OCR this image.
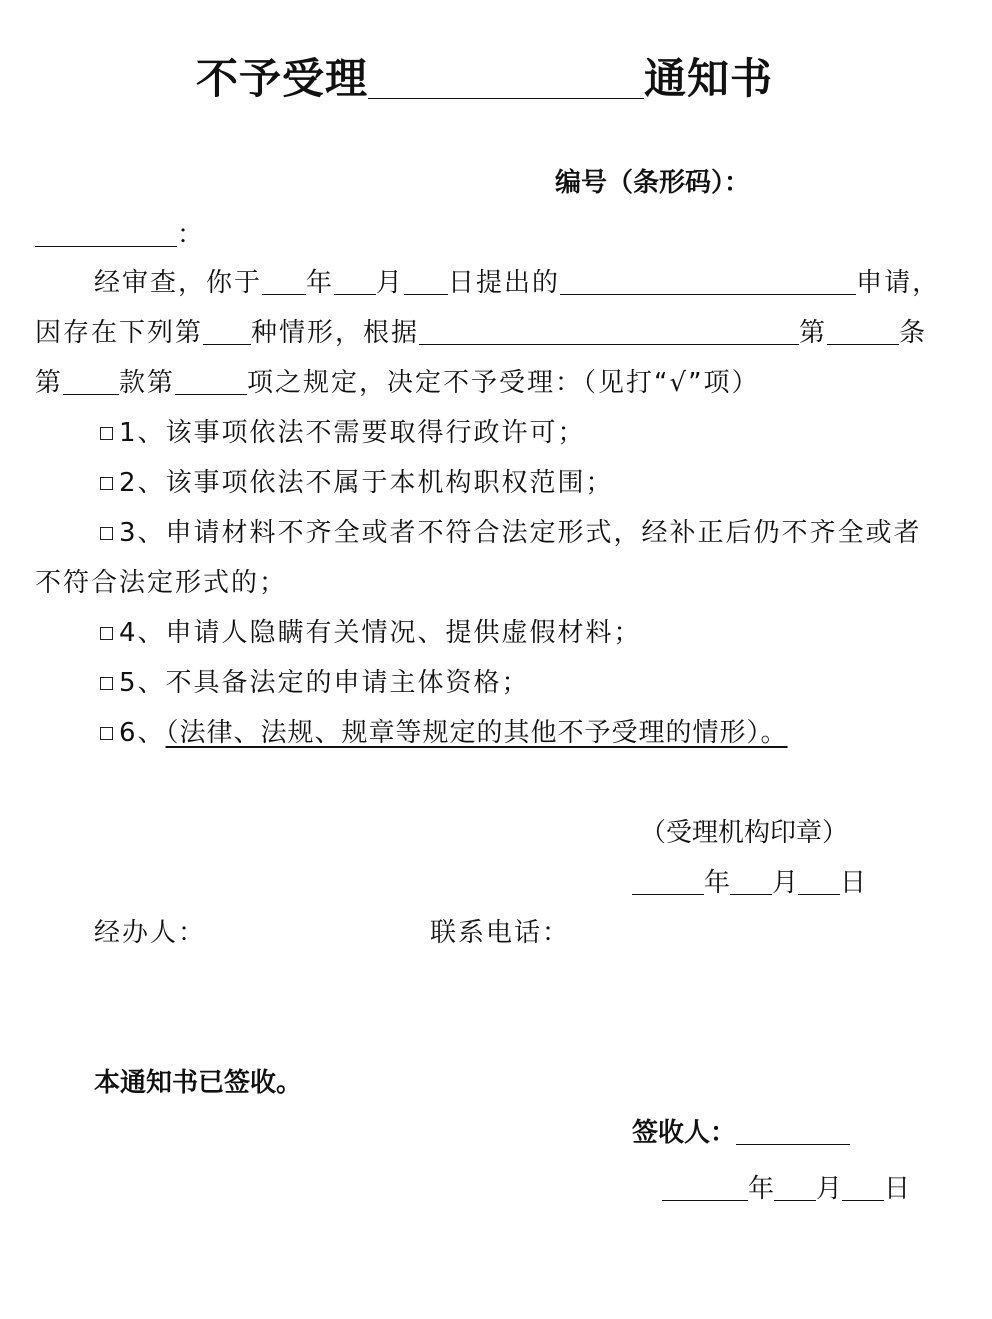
不予受理	通知书
编号（条形码）：
：
经审查，你于 年 月 日提出的	申请，
因存在下列第 种情形，根据	第	条
第 款第	项之规定，决定不予受理：（见打“√”项）
1、该事项依法不需要取得行政许可；
2、该事项依法不属于本机构职权范围；
3、申请材料不齐全或者不符合法定形式，经补正后仍不齐全或者
不符合法定形式的；
4、申请人隐瞒有关情况、提供虚假材料；
5、不具备法定的申请主体资格；
6、（法律、法规、规章等规定的其他不予受理的情形）。
（受理机构印章）
年 月 日
经办人：	联系电话：
本通知书已签收。
签收人：
年 月 日
